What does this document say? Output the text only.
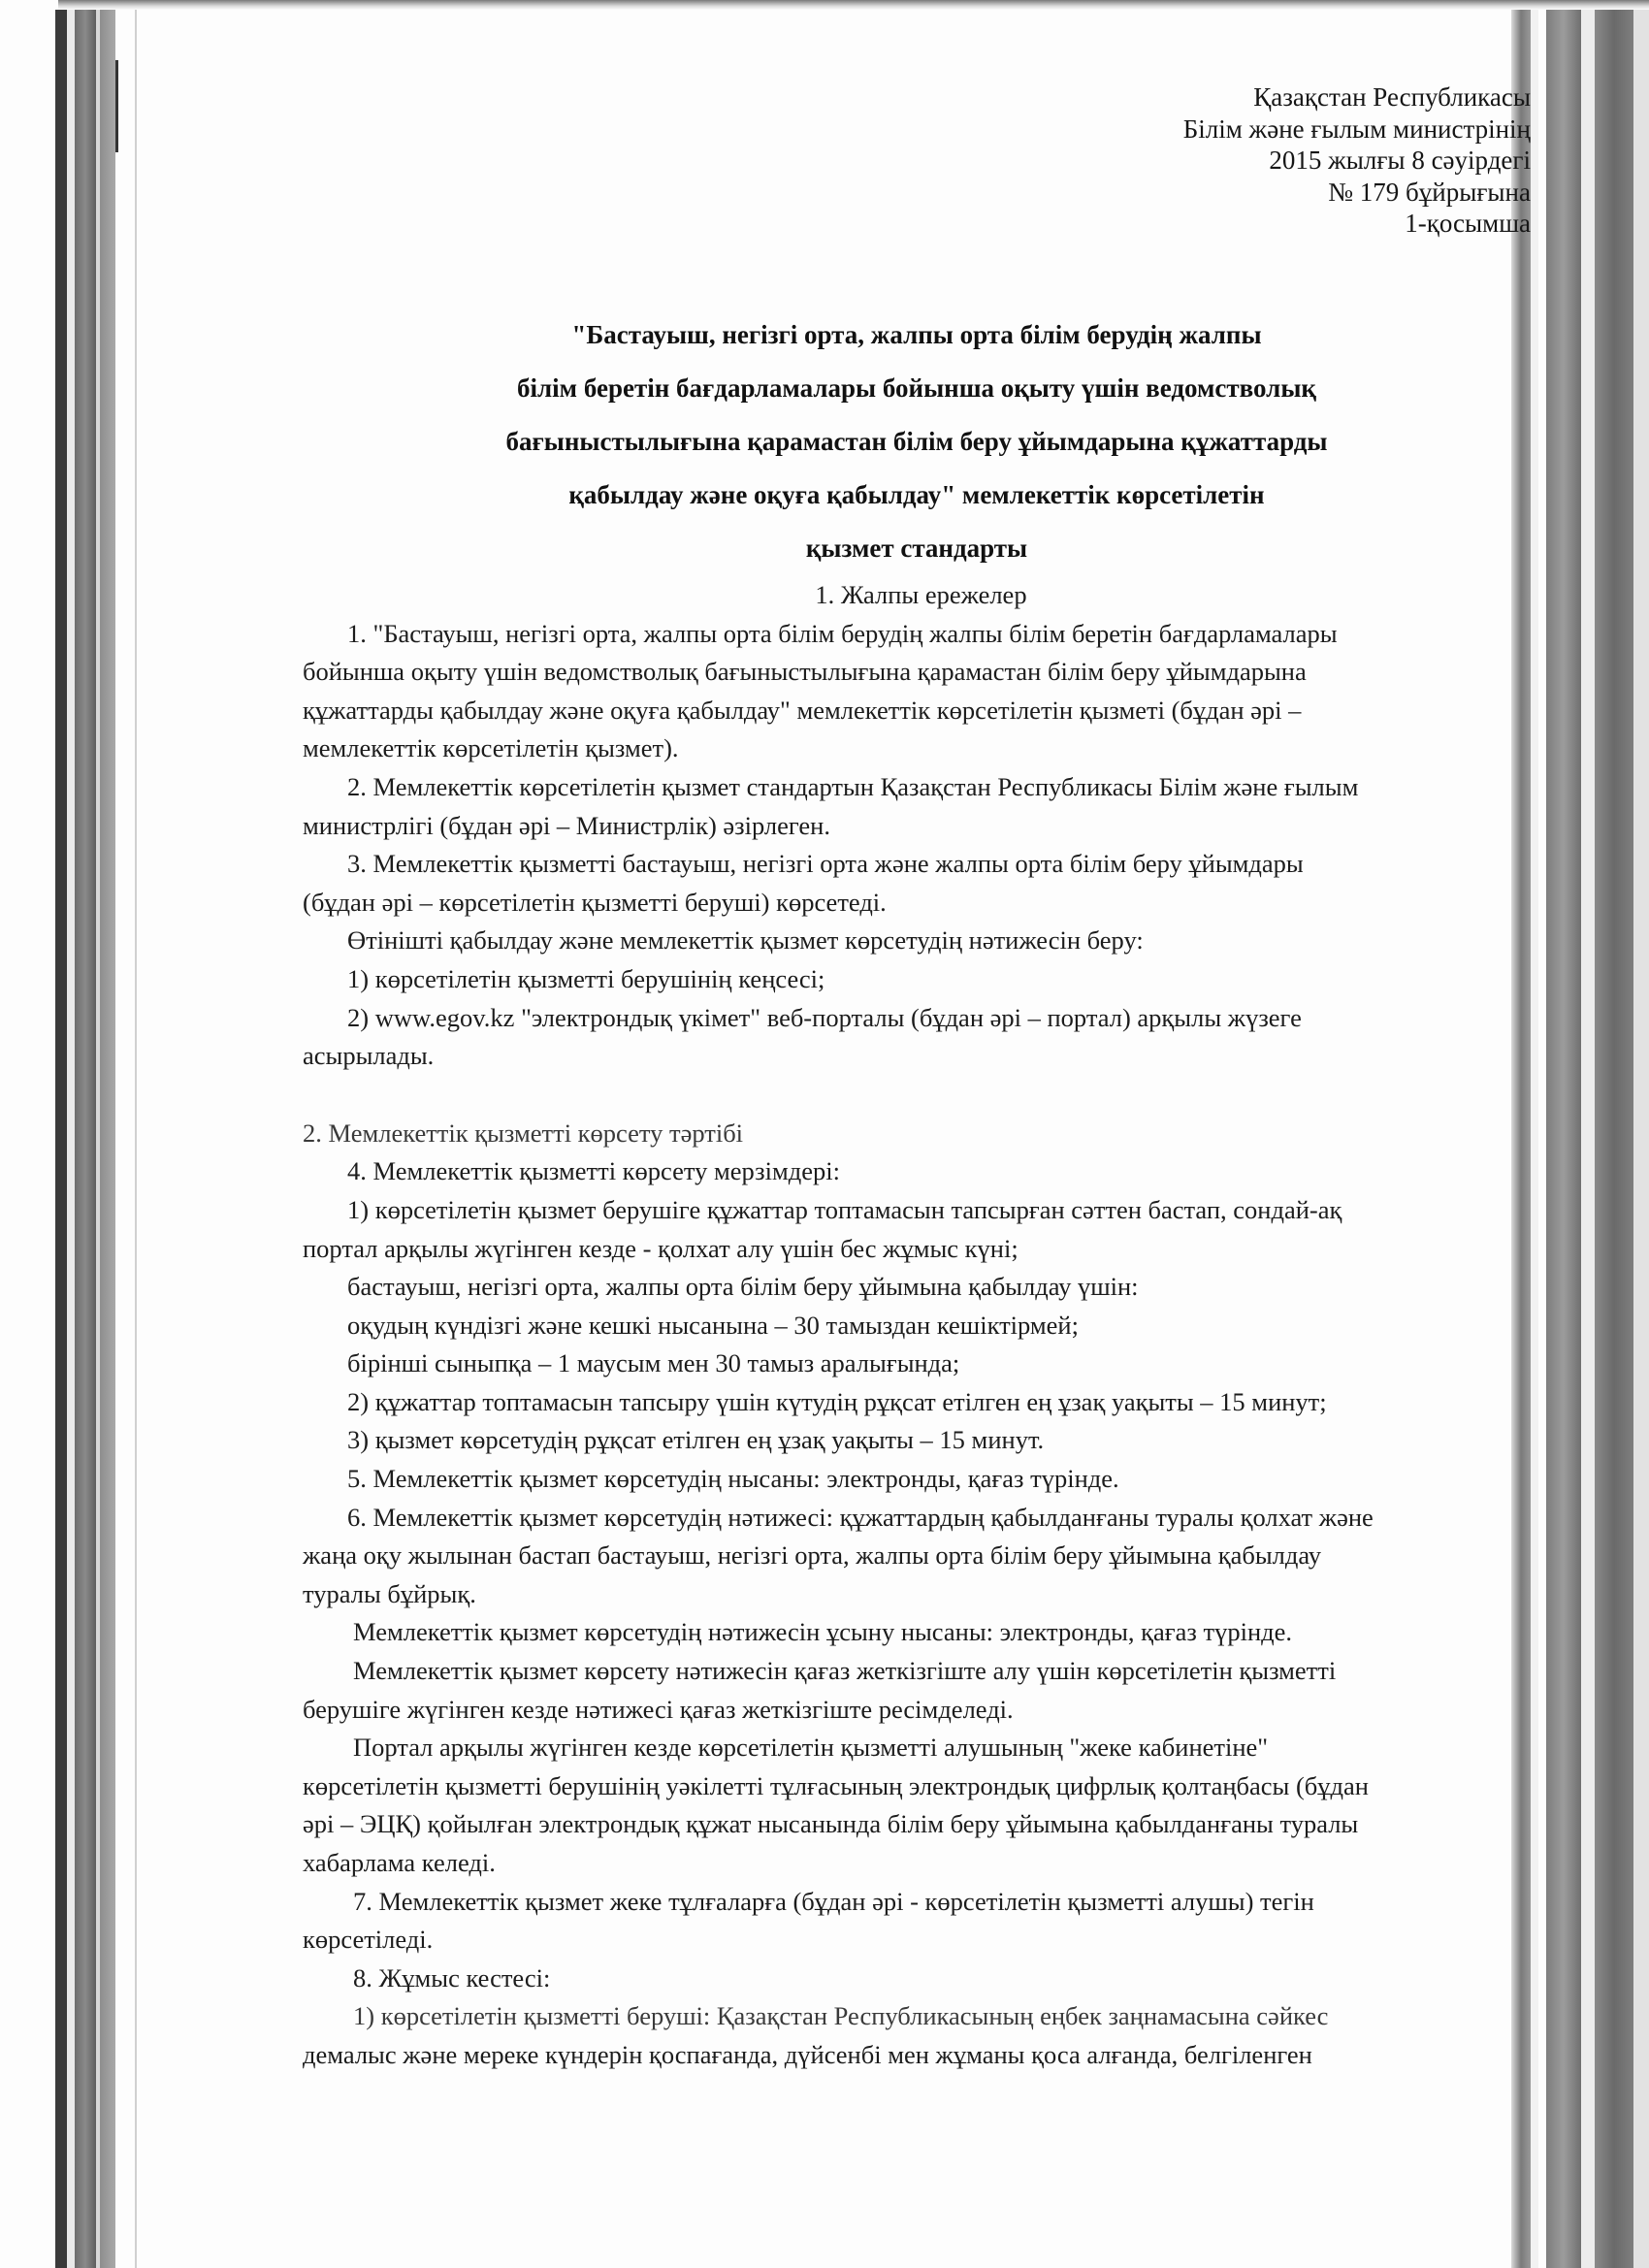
Қазақстан Республикасы
Білім және ғылым министрінің
2015 жылғы 8 сәуірдегі
№ 179 бұйрығына
1-қосымша
"Бастауыш, негізгі орта, жалпы орта білім берудің жалпы
білім беретін бағдарламалары бойынша оқыту үшін ведомстволық
бағыныстылығына қарамастан білім беру ұйымдарына құжаттарды
қабылдау және оқуға қабылдау" мемлекеттік көрсетілетін
қызмет стандарты
1. Жалпы ережелер
1. "Бастауыш, негізгі орта, жалпы орта білім берудің жалпы білім беретін бағдарламалары
бойынша оқыту үшін ведомстволық бағыныстылығына қарамастан білім беру ұйымдарына
құжаттарды қабылдау және оқуға қабылдау" мемлекеттік көрсетілетін қызметі (бұдан әрі –
мемлекеттік көрсетілетін қызмет).
2. Мемлекеттік көрсетілетін қызмет стандартын Қазақстан Республикасы Білім және ғылым
министрлігі (бұдан әрі – Министрлік) әзірлеген.
3. Мемлекеттік қызметті бастауыш, негізгі орта және жалпы орта білім беру ұйымдары
(бұдан әрі – көрсетілетін қызметті беруші) көрсетеді.
Өтінішті қабылдау және мемлекеттік қызмет көрсетудің нәтижесін беру:
1) көрсетілетін қызметті берушінің кеңсесі;
2) www.egov.kz "электрондық үкімет" веб-порталы (бұдан әрі – портал) арқылы жүзеге
асырылады.
2. Мемлекеттік қызметті көрсету тәртібі
4. Мемлекеттік қызметті көрсету мерзімдері:
1) көрсетілетін қызмет берушіге құжаттар топтамасын тапсырған сәттен бастап, сондай-ақ
портал арқылы жүгінген кезде - қолхат алу үшін бес жұмыс күні;
бастауыш, негізгі орта, жалпы орта білім беру ұйымына қабылдау үшін:
оқудың күндізгі және кешкі нысанына – 30 тамыздан кешіктірмей;
бірінші сыныпқа – 1 маусым мен 30 тамыз аралығында;
2) құжаттар топтамасын тапсыру үшін күтудің рұқсат етілген ең ұзақ уақыты – 15 минут;
3) қызмет көрсетудің рұқсат етілген ең ұзақ уақыты – 15 минут.
5. Мемлекеттік қызмет көрсетудің нысаны: электронды, қағаз түрінде.
6. Мемлекеттік қызмет көрсетудің нәтижесі: құжаттардың қабылданғаны туралы қолхат және
жаңа оқу жылынан бастап бастауыш, негізгі орта, жалпы орта білім беру ұйымына қабылдау
туралы бұйрық.
Мемлекеттік қызмет көрсетудің нәтижесін ұсыну нысаны: электронды, қағаз түрінде.
Мемлекеттік қызмет көрсету нәтижесін қағаз жеткізгіште алу үшін көрсетілетін қызметті
берушіге жүгінген кезде нәтижесі қағаз жеткізгіште ресімделеді.
Портал арқылы жүгінген кезде көрсетілетін қызметті алушының "жеке кабинетіне"
көрсетілетін қызметті берушінің уәкілетті тұлғасының электрондық цифрлық қолтаңбасы (бұдан
әрі – ЭЦҚ) қойылған электрондық құжат нысанында білім беру ұйымына қабылданғаны туралы
хабарлама келеді.
7. Мемлекеттік қызмет жеке тұлғаларға (бұдан әрі - көрсетілетін қызметті алушы) тегін
көрсетіледі.
8. Жұмыс кестесі:
1) көрсетілетін қызметті беруші: Қазақстан Республикасының еңбек заңнамасына сәйкес
демалыс және мереке күндерін қоспағанда, дүйсенбі мен жұманы қоса алғанда, белгіленген
